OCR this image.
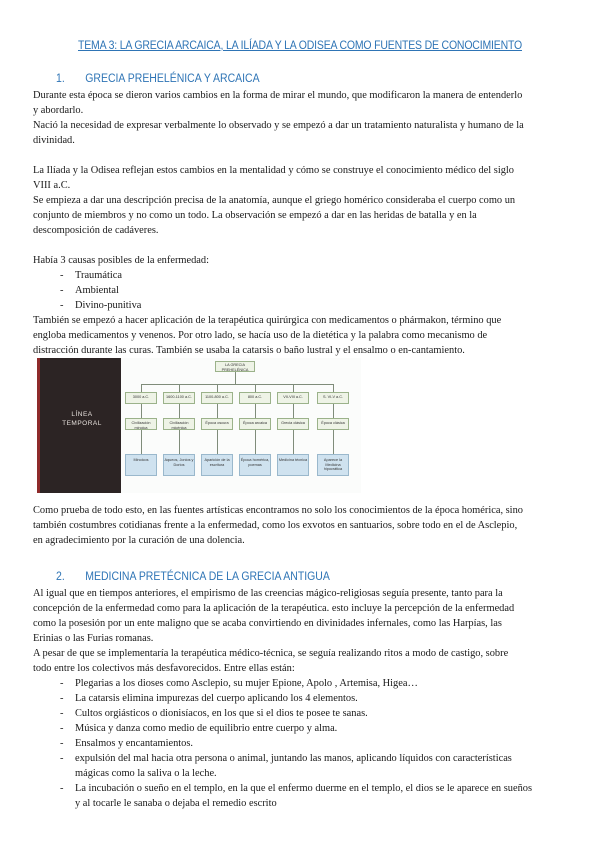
TEMA 3: LA GRECIA ARCAICA, LA ILÍADA Y LA ODISEA COMO FUENTES DE CONOCIMIENTO
1. GRECIA PREHELÉNICA Y ARCAICA
Durante esta época se dieron varios cambios en la forma de mirar el mundo, que modificaron la manera de entenderlo
y abordarlo.
Nació la necesidad de expresar verbalmente lo observado y se empezó a dar un tratamiento naturalista y humano de la
divinidad.
La Ilíada y la Odisea reflejan estos cambios en la mentalidad y cómo se construye el conocimiento médico del siglo
VIII a.C.
Se empieza a dar una descripción precisa de la anatomía, aunque el griego homérico consideraba el cuerpo como un
conjunto de miembros y no como un todo. La observación se empezó a dar en las heridas de batalla y en la
descomposición de cadáveres.
Había 3 causas posibles de la enfermedad:
- Traumática
- Ambiental
- Divino-punitiva
También se empezó a hacer aplicación de la terapéutica quirúrgica con medicamentos o phármakon, término que
engloba medicamentos y venenos. Por otro lado, se hacía uso de la dietética y la palabra como mecanismo de
distracción durante las curas. También se usaba la catarsis o baño lustral y el ensalmo o en-cantamiento.
LÍNEA
TEMPORAL
LA GRECIA
PREHELÉNICA
3000 a.C.
Civilización minoica
Minoicos
1600-1100 a.C.
Civilización micénica
Aqueos, Jonios y Dorios
1100-800 a.C.
Época oscura
Aparición de la escritura
800 a.C.
Época arcaica
Época homérica, poemas
VII-VIII a.C.
Grecia clásica
Medicina técnica
S. VI-V a.C.
Época clásica
Aparece la Medicina hipocrática
Como prueba de todo esto, en las fuentes artísticas encontramos no solo los conocimientos de la época homérica, sino
también costumbres cotidianas frente a la enfermedad, como los exvotos en santuarios, sobre todo en el de Asclepio,
en agradecimiento por la curación de una dolencia.
2. MEDICINA PRETÉCNICA DE LA GRECIA ANTIGUA
Al igual que en tiempos anteriores, el empirismo de las creencias mágico-religiosas seguía presente, tanto para la
concepción de la enfermedad como para la aplicación de la terapéutica. esto incluye la percepción de la enfermedad
como la posesión por un ente maligno que se acaba convirtiendo en divinidades infernales, como las Harpías, las
Erinias o las Furias romanas.
A pesar de que se implementaría la terapéutica médico-técnica, se seguía realizando ritos a modo de castigo, sobre
todo entre los colectivos más desfavorecidos. Entre ellas están:
- Plegarias a los dioses como Asclepio, su mujer Epione, Apolo , Artemisa, Higea…
- La catarsis elimina impurezas del cuerpo aplicando los 4 elementos.
- Cultos orgiásticos o dionisíacos, en los que si el dios te posee te sanas.
- Música y danza como medio de equilibrio entre cuerpo y alma.
- Ensalmos y encantamientos.
- expulsión del mal hacia otra persona o animal, juntando las manos, aplicando líquidos con características
mágicas como la saliva o la leche.
- La incubación o sueño en el templo, en la que el enfermo duerme en el templo, el dios se le aparece en sueños
y al tocarle le sanaba o dejaba el remedio escrito
